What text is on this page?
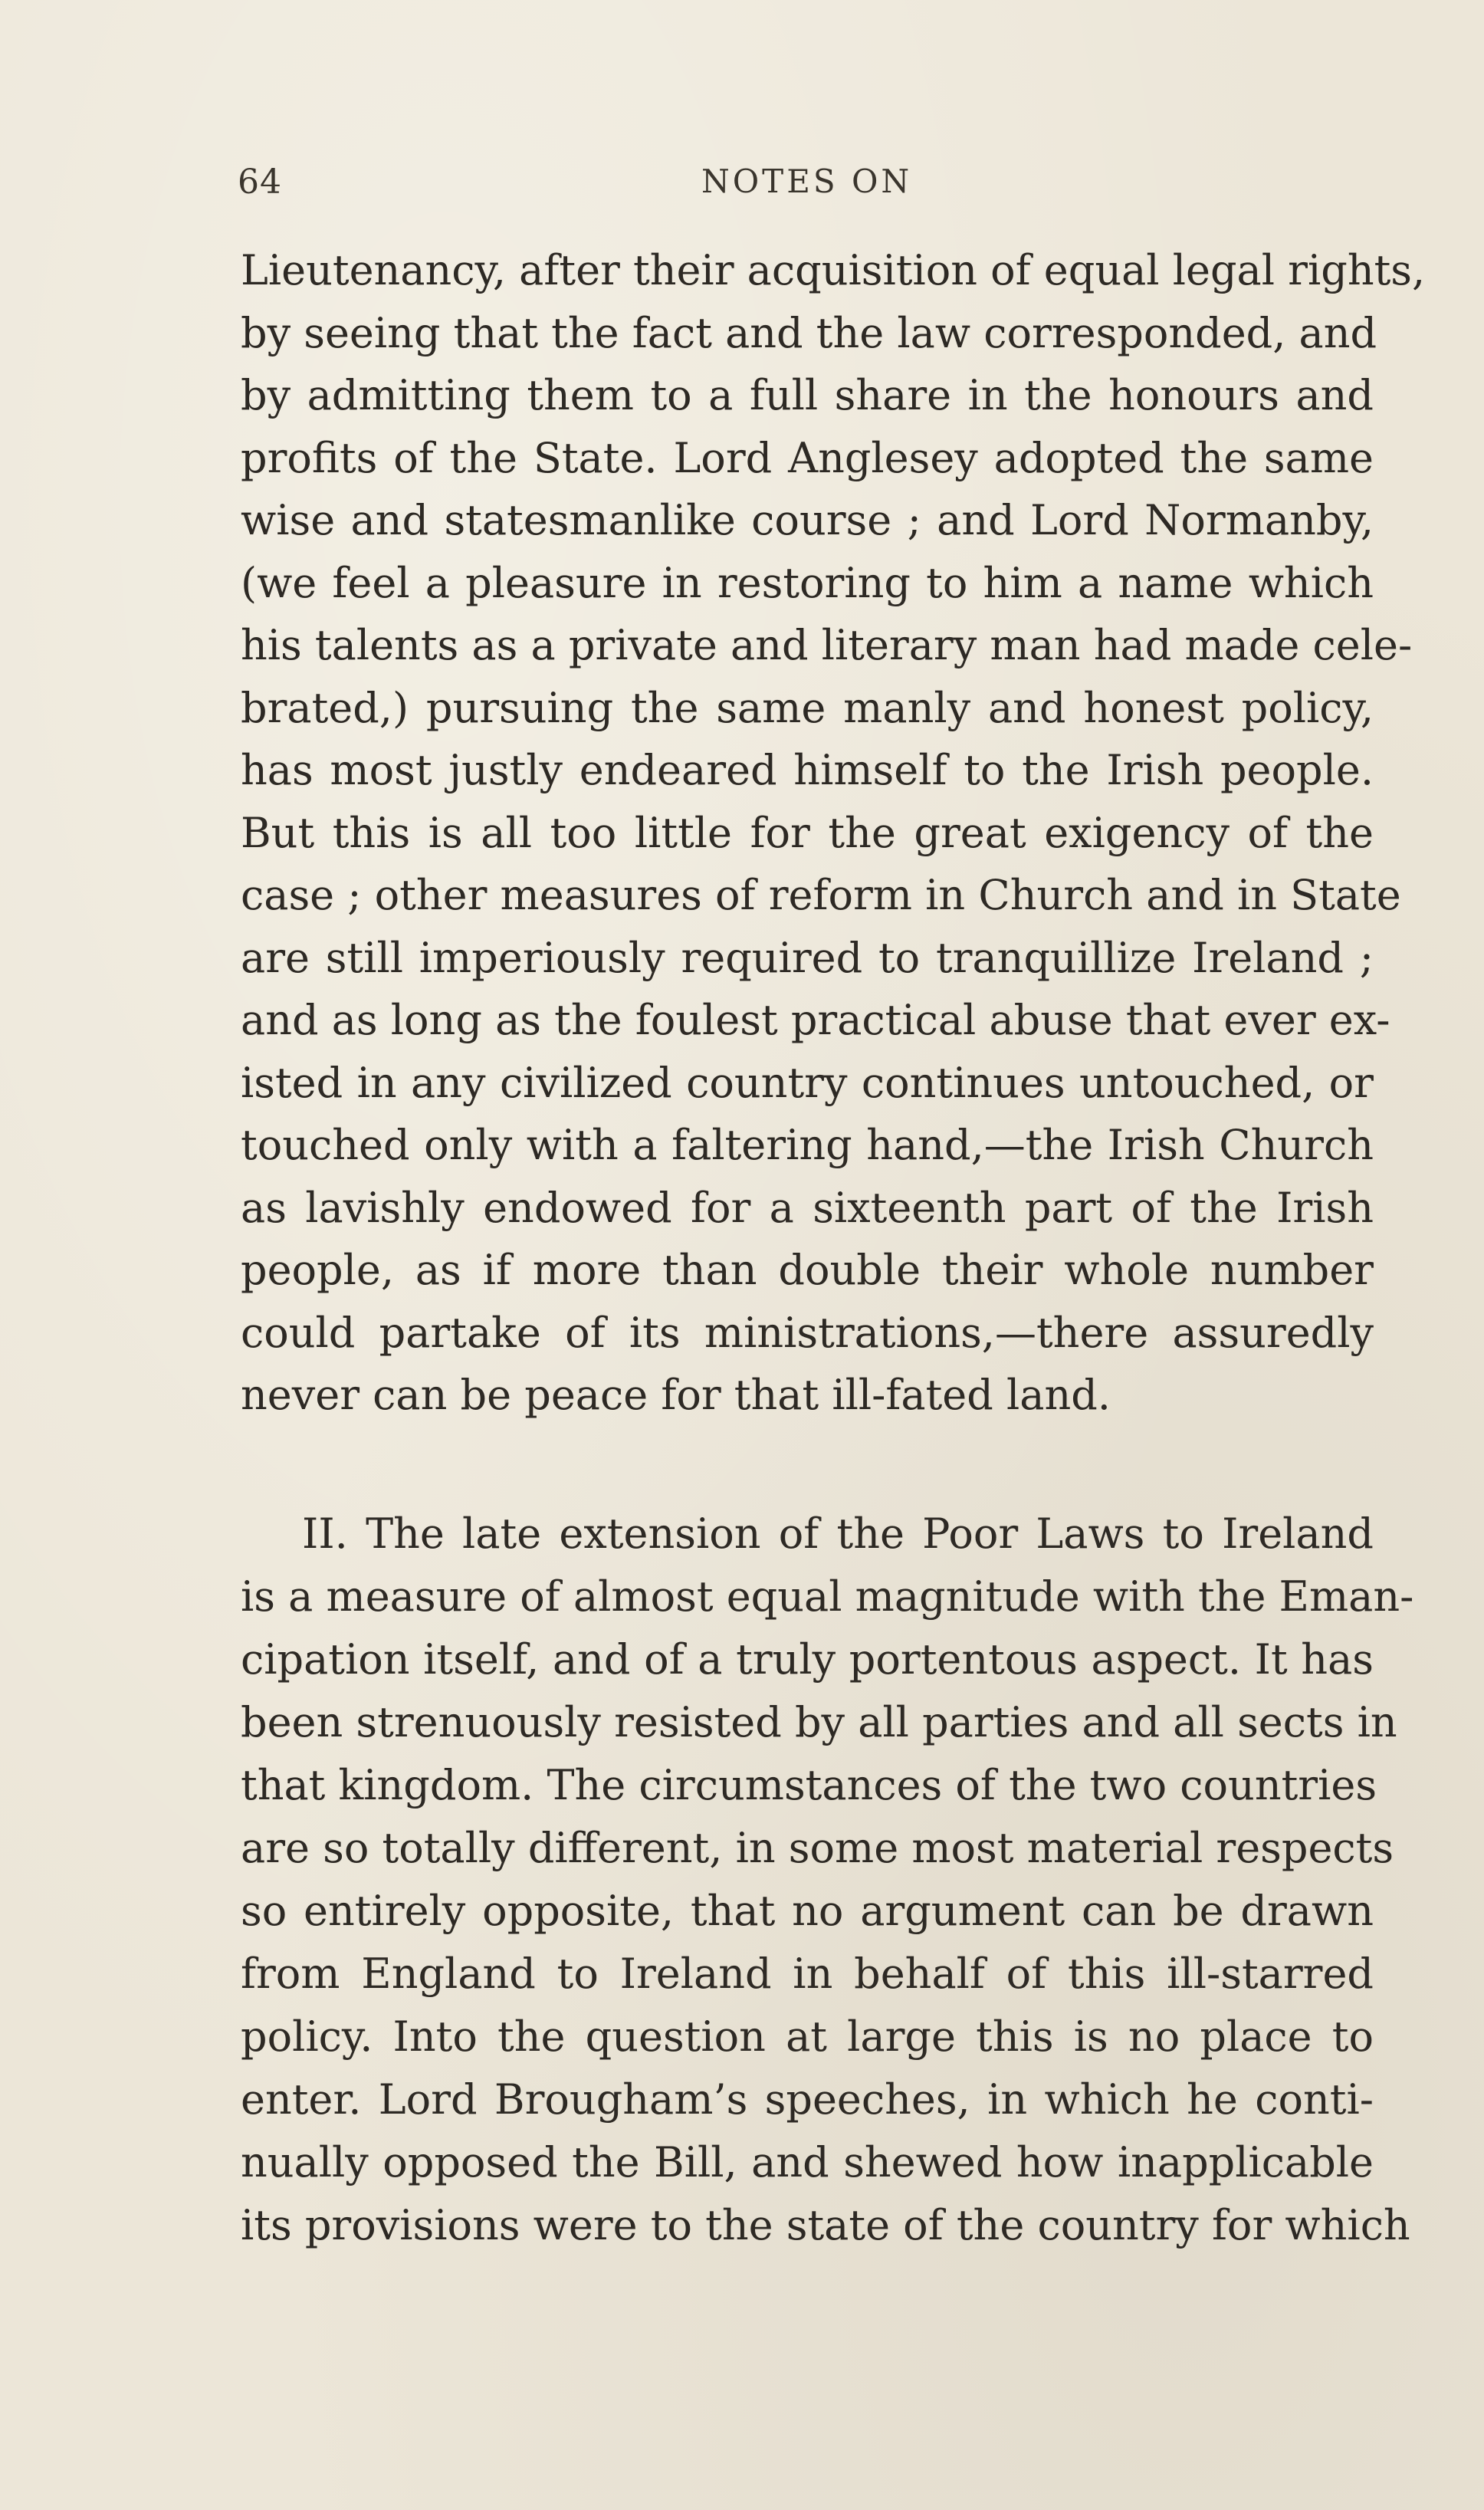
64	NOTES ON
Lieutenancy, after their acquisition of equal legal rights,
by seeing that the fact and the law corresponded, and
by admitting them to a full share in the honours and
profits of the State. Lord Anglesey adopted the same
wise and statesmanlike course ; and Lord Normanby,
(we feel a pleasure in restoring to him a name which
his talents as a private and literary man had made cele-
brated,) pursuing the same manly and honest policy,
has most justly endeared himself to the Irish people.
But this is all too little for the great exigency of the
case ; other measures of reform in Church and in State
are still imperiously required to tranquillize Ireland ;
and as long as the foulest practical abuse that ever ex-
isted in any civilized country continues untouched, or
touched only with a faltering hand,—the Irish Church
as lavishly endowed for a sixteenth part of the Irish
people, as if more than double their whole number
could partake of its ministrations,—there assuredly
never can be peace for that ill-fated land.
II. The late extension of the Poor Laws to Ireland
is a measure of almost equal magnitude with the Eman-
cipation itself, and of a truly portentous aspect. It has
been strenuously resisted by all parties and all sects in
that kingdom. The circumstances of the two countries
are so totally different, in some most material respects
so entirely opposite, that no argument can be drawn
from England to Ireland in behalf of this ill-starred
policy. Into the question at large this is no place to
enter. Lord Brougham’s speeches, in which he conti-
nually opposed the Bill, and shewed how inapplicable
its provisions were to the state of the country for which
